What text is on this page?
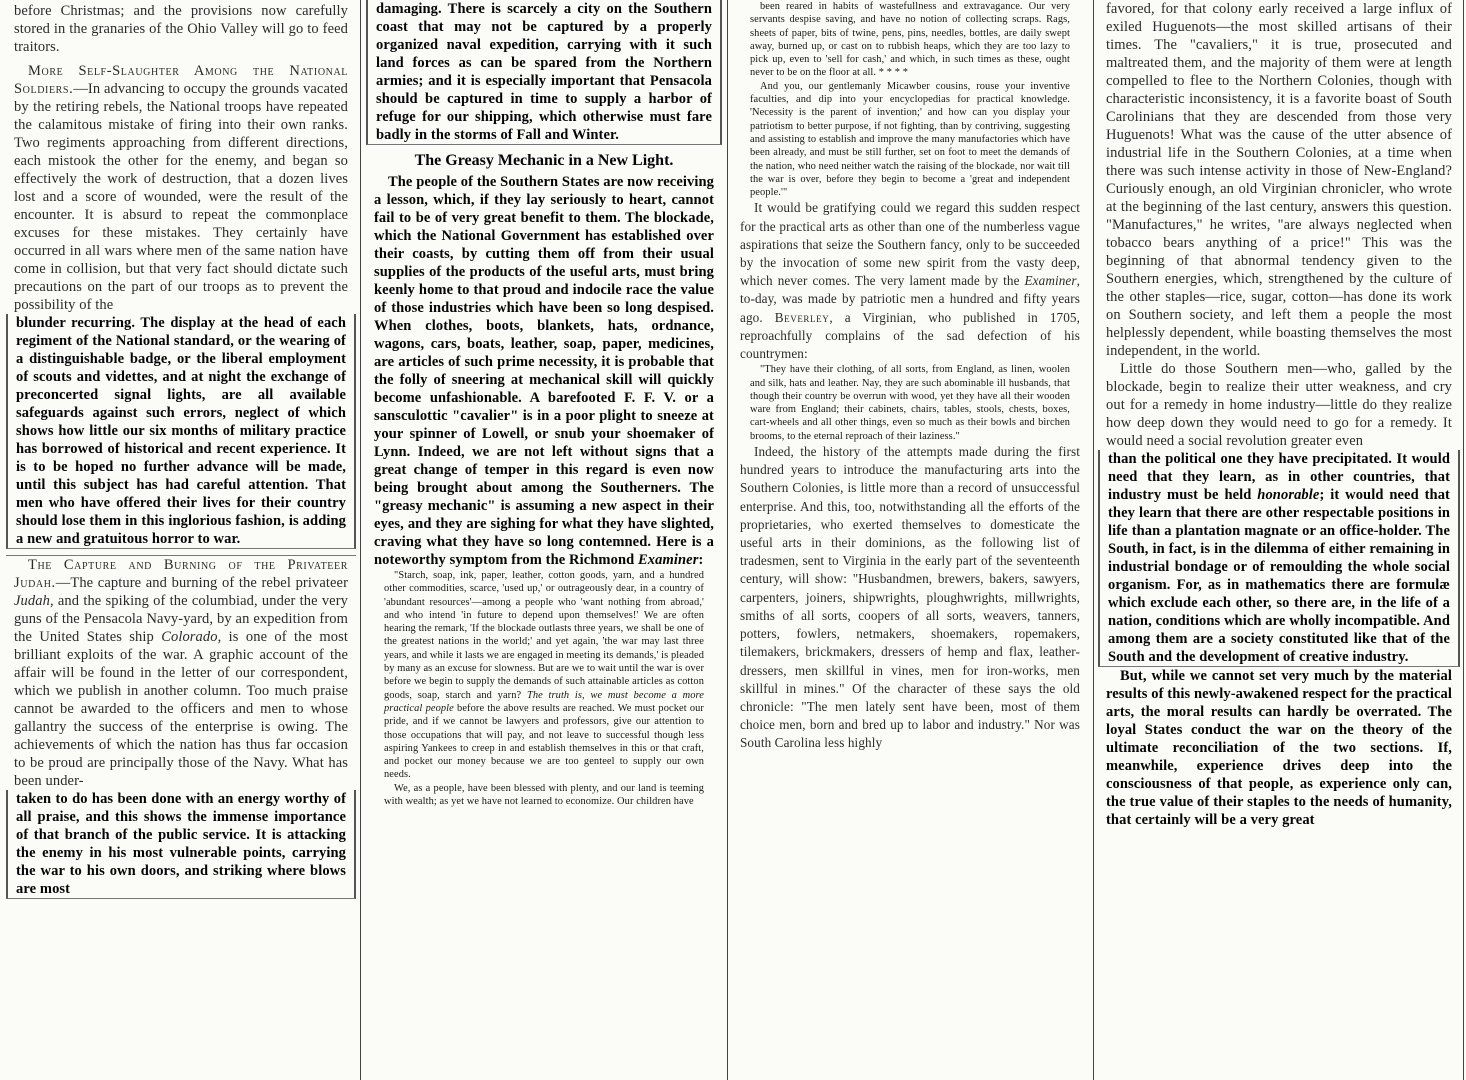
before Christmas; and the provisions now carefully stored in the granaries of the Ohio Valley will go to feed traitors.

More Self-Slaughter Among the National Soldiers.—In advancing to occupy the grounds vacated by the retiring rebels, the National troops have repeated the calamitous mistake of firing into their own ranks. Two regiments approaching from different directions, each mistook the other for the enemy, and began so effectively the work of destruction, that a dozen lives lost and a score of wounded, were the result of the encounter. It is absurd to repeat the commonplace excuses for these mistakes. They certainly have occurred in all wars where men of the same nation have come in collision, but that very fact should dictate such precautions on the part of our troops as to prevent the possibility of the

blunder recurring. The display at the head of each regiment of the National standard, or the wearing of a distinguishable badge, or the liberal employment of scouts and videttes, and at night the exchange of preconcerted signal lights, are all available safeguards against such errors, neglect of which shows how little our six months of military practice has borrowed of historical and recent experience. It is to be hoped no further advance will be made, until this subject has had careful attention. That men who have offered their lives for their country should lose them in this inglorious fashion, is adding a new and gratuitous horror to war.

The Capture and Burning of the Privateer Judah.—The capture and burning of the rebel privateer Judah, and the spiking of the columbiad, under the very guns of the Pensacola Navy-yard, by an expedition from the United States ship Colorado, is one of the most brilliant exploits of the war. A graphic account of the affair will be found in the letter of our correspondent, which we publish in another column. Too much praise cannot be awarded to the officers and men to whose gallantry the success of the enterprise is owing. The achievements of which the nation has thus far occasion to be proud are principally those of the Navy. What has been under-

taken to do has been done with an energy worthy of all praise, and this shows the immense importance of that branch of the public service. It is attacking the enemy in his most vulnerable points, carrying the war to his own doors, and striking where blows are most

damaging. There is scarcely a city on the Southern coast that may not be captured by a properly organized naval expedition, carrying with it such land forces as can be spared from the Northern armies; and it is especially important that Pensacola should be captured in time to supply a harbor of refuge for our shipping, which otherwise must fare badly in the storms of Fall and Winter.

The Greasy Mechanic in a New Light.

The people of the Southern States are now receiving a lesson, which, if they lay seriously to heart, cannot fail to be of very great benefit to them. The blockade, which the National Government has established over their coasts, by cutting them off from their usual supplies of the products of the useful arts, must bring keenly home to that proud and indocile race the value of those industries which have been so long despised. When clothes, boots, blankets, hats, ordnance, wagons, cars, boats, leather, soap, paper, medicines, are articles of such prime necessity, it is probable that the folly of sneering at mechanical skill will quickly become unfashionable. A barefooted F. F. V. or a sansculottic "cavalier" is in a poor plight to sneeze at your spinner of Lowell, or snub your shoemaker of Lynn. Indeed, we are not left without signs that a great change of temper in this regard is even now being brought about among the Southerners. The "greasy mechanic" is assuming a new aspect in their eyes, and they are sighing for what they have slighted, craving what they have so long contemned. Here is a noteworthy symptom from the Richmond Examiner:

"Starch, soap, ink, paper, leather, cotton goods, yarn, and a hundred other commodities, scarce, 'used up,' or outrageously dear, in a country of 'abundant resources'—among a people who 'want nothing from abroad,' and who intend 'in future to depend upon themselves!' We are often hearing the remark, 'If the blockade outlasts three years, we shall be one of the greatest nations in the world;' and yet again, 'the war may last three years, and while it lasts we are engaged in meeting its demands,' is pleaded by many as an excuse for slowness. But are we to wait until the war is over before we begin to supply the demands of such attainable articles as cotton goods, soap, starch and yarn? The truth is, we must become a more practical people before the above results are reached. We must pocket our pride, and if we cannot be lawyers and professors, give our attention to those occupations that will pay, and not leave to successful though less aspiring Yankees to creep in and establish themselves in this or that craft, and pocket our money because we are too genteel to supply our own needs.

We, as a people, have been blessed with plenty, and our land is teeming with wealth; as yet we have not learned to economize. Our children have

been reared in habits of wastefullness and extravagance. Our very servants despise saving, and have no notion of collecting scraps. Rags, sheets of paper, bits of twine, pens, pins, needles, bottles, are daily swept away, burned up, or cast on to rubbish heaps, which they are too lazy to pick up, even to 'sell for cash,' and which, in such times as these, ought never to be on the floor at all. * * * *

And you, our gentlemanly Micawber cousins, rouse your inventive faculties, and dip into your encyclopedias for practical knowledge. 'Necessity is the parent of invention;' and how can you display your patriotism to better purpose, if not fighting, than by contriving, suggesting and assisting to establish and improve the many manufactories which have been already, and must be still further, set on foot to meet the demands of the nation, who need neither watch the raising of the blockade, nor wait till the war is over, before they begin to become a 'great and independent people.'"

It would be gratifying could we regard this sudden respect for the practical arts as other than one of the numberless vague aspirations that seize the Southern fancy, only to be succeeded by the invocation of some new spirit from the vasty deep, which never comes. The very lament made by the Examiner, to-day, was made by patriotic men a hundred and fifty years ago. Beverley, a Virginian, who published in 1705, reproachfully complains of the sad defection of his countrymen:

"They have their clothing, of all sorts, from England, as linen, woolen and silk, hats and leather. Nay, they are such abominable ill husbands, that though their country be overrun with wood, yet they have all their wooden ware from England; their cabinets, chairs, tables, stools, chests, boxes, cart-wheels and all other things, even so much as their bowls and birchen brooms, to the eternal reproach of their laziness."

Indeed, the history of the attempts made during the first hundred years to introduce the manufacturing arts into the Southern Colonies, is little more than a record of unsuccessful enterprise. And this, too, notwithstanding all the efforts of the proprietaries, who exerted themselves to domesticate the useful arts in their dominions, as the following list of tradesmen, sent to Virginia in the early part of the seventeenth century, will show: "Husbandmen, brewers, bakers, sawyers, carpenters, joiners, shipwrights, ploughwrights, millwrights, smiths of all sorts, coopers of all sorts, weavers, tanners, potters, fowlers, netmakers, shoemakers, ropemakers, tilemakers, brickmakers, dressers of hemp and flax, leather-dressers, men skillful in vines, men for iron-works, men skillful in mines." Of the character of these says the old chronicle: "The men lately sent have been, most of them choice men, born and bred up to labor and industry." Nor was South Carolina less highly

favored, for that colony early received a large influx of exiled Huguenots—the most skilled artisans of their times. The "cavaliers," it is true, prosecuted and maltreated them, and the majority of them were at length compelled to flee to the Northern Colonies, though with characteristic inconsistency, it is a favorite boast of South Carolinians that they are descended from those very Huguenots! What was the cause of the utter absence of industrial life in the Southern Colonies, at a time when there was such intense activity in those of New-England? Curiously enough, an old Virginian chronicler, who wrote at the beginning of the last century, answers this question. "Manufactures," he writes, "are always neglected when tobacco bears anything of a price!" This was the beginning of that abnormal tendency given to the Southern energies, which, strengthened by the culture of the other staples—rice, sugar, cotton—has done its work on Southern society, and left them a people the most helplessly dependent, while boasting themselves the most independent, in the world.

Little do those Southern men—who, galled by the blockade, begin to realize their utter weakness, and cry out for a remedy in home industry—little do they realize how deep down they would need to go for a remedy. It would need a social revolution greater even

than the political one they have precipitated. It would need that they learn, as in other countries, that industry must be held honorable; it would need that they learn that there are other respectable positions in life than a plantation magnate or an office-holder. The South, in fact, is in the dilemma of either remaining in industrial bondage or of remoulding the whole social organism. For, as in mathematics there are formulæ which exclude each other, so there are, in the life of a nation, conditions which are wholly incompatible. And among them are a society constituted like that of the South and the development of creative industry.

But, while we cannot set very much by the material results of this newly-awakened respect for the practical arts, the moral results can hardly be overrated. The loyal States conduct the war on the theory of the ultimate reconciliation of the two sections. If, meanwhile, experience drives deep into the consciousness of that people, as experience only can, the true value of their staples to the needs of humanity, that certainly will be a very great
